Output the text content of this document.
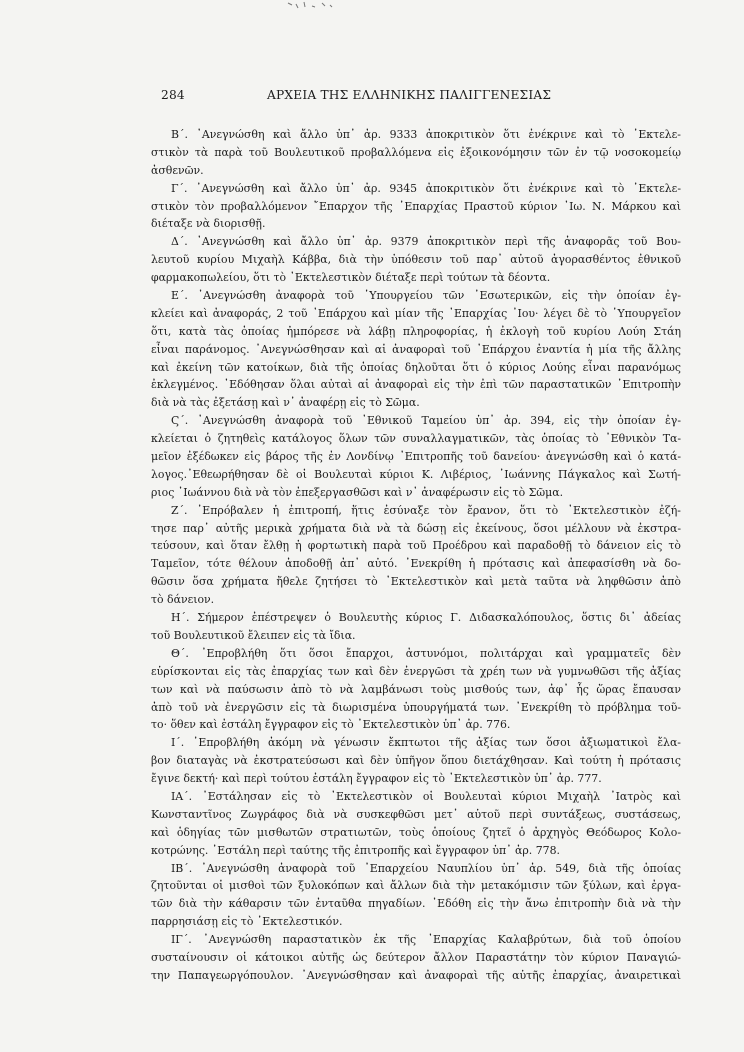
284	ΑΡΧΕΙΑ ΤΗΣ ΕΛΛΗΝΙΚΗΣ ΠΑΛΙΓΓΕΝΕΣΙΑΣ
Β΄. ᾽Ανεγνώσθη καὶ ἄλλο ὑπ᾽ ἀρ. 9333 ἀποκριτικὸν ὅτι ἐνέκρινε καὶ τὸ ᾽Εκτελε-
στικὸν τὰ παρὰ τοῦ Βουλευτικοῦ προβαλλόμενα εἰς ἐξοικονόμησιν τῶν ἐν τῷ νοσοκομείῳ
ἀσθενῶν.
Γ΄. ᾽Ανεγνώσθη καὶ ἄλλο ὑπ᾽ ἀρ. 9345 ἀποκριτικὸν ὅτι ἐνέκρινε καὶ τὸ ᾽Εκτελε-
στικὸν τὸν προβαλλόμενον ῎Επαρχον τῆς ᾽Επαρχίας Πραστοῦ κύριον ᾽Ιω. Ν. Μάρκου καὶ
διέταξε νὰ διορισθῇ.
Δ΄. ᾽Ανεγνώσθη καὶ ἄλλο ὑπ᾽ ἀρ. 9379 ἀποκριτικὸν περὶ τῆς ἀναφορᾶς τοῦ Βου-
λευτοῦ κυρίου Μιχαὴλ Κάββα, διὰ τὴν ὑπόθεσιν τοῦ παρ᾽ αὐτοῦ ἀγορασθέντος ἐθνικοῦ
φαρμακοπωλείου, ὅτι τὸ ᾽Εκτελεστικὸν διέταξε περὶ τούτων τὰ δέοντα.
Ε΄. ᾽Ανεγνώσθη ἀναφορὰ τοῦ ῾Υπουργείου τῶν ᾽Εσωτερικῶν, εἰς τὴν ὁποίαν ἐγ-
κλείει καὶ ἀναφοράς, 2 τοῦ ᾽Επάρχου καὶ μίαν τῆς ᾽Επαρχίας ᾽Ιου· λέγει δὲ τὸ ῾Υπουργεῖον
ὅτι, κατὰ τὰς ὁποίας ἠμπόρεσε νὰ λάβῃ πληροφορίας, ἡ ἐκλογὴ τοῦ κυρίου Λούη Στάη
εἶναι παράνομος. ᾽Ανεγνώσθησαν καὶ αἱ ἀναφοραὶ τοῦ ᾽Επάρχου ἐναντία ἡ μία τῆς ἄλλης
καὶ ἐκείνη τῶν κατοίκων, διὰ τῆς ὁποίας δηλοῦται ὅτι ὁ κύριος Λούης εἶναι παρανόμως
ἐκλεγμένος. ᾽Εδόθησαν ὅλαι αὐταὶ αἱ ἀναφοραὶ εἰς τὴν ἐπὶ τῶν παραστατικῶν ᾽Επιτροπὴν
διὰ νὰ τὰς ἐξετάσῃ καὶ ν᾽ ἀναφέρῃ εἰς τὸ Σῶμα.
Ϛ΄. ᾽Ανεγνώσθη ἀναφορὰ τοῦ ᾽Εθνικοῦ Ταμείου ὑπ᾽ ἀρ. 394, εἰς τὴν ὁποίαν ἐγ-
κλείεται ὁ ζητηθεὶς κατάλογος ὅλων τῶν συναλλαγματικῶν, τὰς ὁποίας τὸ ᾽Εθνικὸν Τα-
μεῖον ἐξέδωκεν εἰς βάρος τῆς ἐν Λονδίνῳ ᾽Επιτροπῆς τοῦ δανείου· ἀνεγνώσθη καὶ ὁ κατά-
λογος.᾽Εθεωρήθησαν δὲ οἱ Βουλευταὶ κύριοι Κ. Λιβέριος, ᾽Ιωάννης Πάγκαλος καὶ Σωτή-
ριος ᾽Ιωάννου διὰ νὰ τὸν ἐπεξεργασθῶσι καὶ ν᾽ ἀναφέρωσιν εἰς τὸ Σῶμα.
Ζ΄. ᾽Επρόβαλεν ἡ ἐπιτροπή, ἥτις ἐσύναξε τὸν ἔρανον, ὅτι τὸ ᾽Εκτελεστικὸν ἐζή-
τησε παρ᾽ αὐτῆς μερικὰ χρήματα διὰ νὰ τὰ δώσῃ εἰς ἐκείνους, ὅσοι μέλλουν νὰ ἐκστρα-
τεύσουν, καὶ ὅταν ἔλθῃ ἡ φορτωτικὴ παρὰ τοῦ Προέδρου καὶ παραδοθῇ τὸ δάνειον εἰς τὸ
Ταμεῖον, τότε θέλουν ἀποδοθῇ ἀπ᾽ αὐτό. ᾽Ενεκρίθη ἡ πρότασις καὶ ἀπεφασίσθη νὰ δο-
θῶσιν ὅσα χρήματα ἤθελε ζητήσει τὸ ᾽Εκτελεστικὸν καὶ μετὰ ταῦτα νὰ ληφθῶσιν ἀπὸ
τὸ δάνειον.
Η΄. Σήμερον ἐπέστρεψεν ὁ Βουλευτὴς κύριος Γ. Διδασκαλόπουλος, ὅστις δι᾽ ἀδείας
τοῦ Βουλευτικοῦ ἔλειπεν εἰς τὰ ἴδια.
Θ΄. ᾽Επροβλήθη ὅτι ὅσοι ἔπαρχοι, ἀστυνόμοι, πολιτάρχαι καὶ γραμματεῖς δὲν
εὑρίσκονται εἰς τὰς ἐπαρχίας των καὶ δὲν ἐνεργῶσι τὰ χρέη των νὰ γυμνωθῶσι τῆς ἀξίας
των καὶ νὰ παύσωσιν ἀπὸ τὸ νὰ λαμβάνωσι τοὺς μισθούς των, ἀφ᾽ ἧς ὥρας ἔπαυσαν
ἀπὸ τοῦ νὰ ἐνεργῶσιν εἰς τὰ διωρισμένα ὑπουργήματά των. ᾽Ενεκρίθη τὸ πρόβλημα τοῦ-
το· ὅθεν καὶ ἐστάλη ἔγγραφον εἰς τὸ ᾽Εκτελεστικὸν ὑπ᾽ ἀρ. 776.
Ι΄. ᾽Επροβλήθη ἀκόμη νὰ γένωσιν ἔκπτωτοι τῆς ἀξίας των ὅσοι ἀξιωματικοὶ ἔλα-
βον διαταγὰς νὰ ἐκστρατεύσωσι καὶ δὲν ὑπῆγον ὅπου διετάχθησαν. Καὶ τούτη ἡ πρότασις
ἔγινε δεκτή· καὶ περὶ τούτου ἐστάλη ἔγγραφον εἰς τὸ ᾽Εκτελεστικὸν ὑπ᾽ ἀρ. 777.
ΙΑ΄. ᾽Εστάλησαν εἰς τὸ ᾽Εκτελεστικὸν οἱ Βουλευταὶ κύριοι Μιχαὴλ ᾽Ιατρὸς καὶ
Κωνσταντῖνος Ζωγράφος διὰ νὰ συσκεφθῶσι μετ᾽ αὐτοῦ περὶ συντάξεως, συστάσεως,
καὶ ὁδηγίας τῶν μισθωτῶν στρατιωτῶν, τοὺς ὁποίους ζητεῖ ὁ ἀρχηγὸς Θεόδωρος Κολο-
κοτρώνης. ᾽Εστάλη περὶ ταύτης τῆς ἐπιτροπῆς καὶ ἔγγραφον ὑπ᾽ ἀρ. 778.
ΙΒ΄. ᾽Ανεγνώσθη ἀναφορὰ τοῦ ᾽Επαρχείου Ναυπλίου ὑπ᾽ ἀρ. 549, διὰ τῆς ὁποίας
ζητοῦνται οἱ μισθοὶ τῶν ξυλοκόπων καὶ ἄλλων διὰ τὴν μετακόμισιν τῶν ξύλων, καὶ ἐργα-
τῶν διὰ τὴν κάθαρσιν τῶν ἐνταῦθα πηγαδίων. ᾽Εδόθη εἰς τὴν ἄνω ἐπιτροπὴν διὰ νὰ τὴν
παρρησιάσῃ εἰς τὸ ᾽Εκτελεστικόν.
ΙΓ΄. ᾽Ανεγνώσθη παραστατικὸν ἐκ τῆς ᾽Επαρχίας Καλαβρύτων, διὰ τοῦ ὁποίου
συσταίνουσιν οἱ κάτοικοι αὐτῆς ὡς δεύτερον ἄλλον Παραστάτην τὸν κύριον Παναγιώ-
την Παπαγεωργόπουλον. ᾽Ανεγνώσθησαν καὶ ἀναφοραὶ τῆς αὐτῆς ἐπαρχίας, ἀναιρετικαὶ
